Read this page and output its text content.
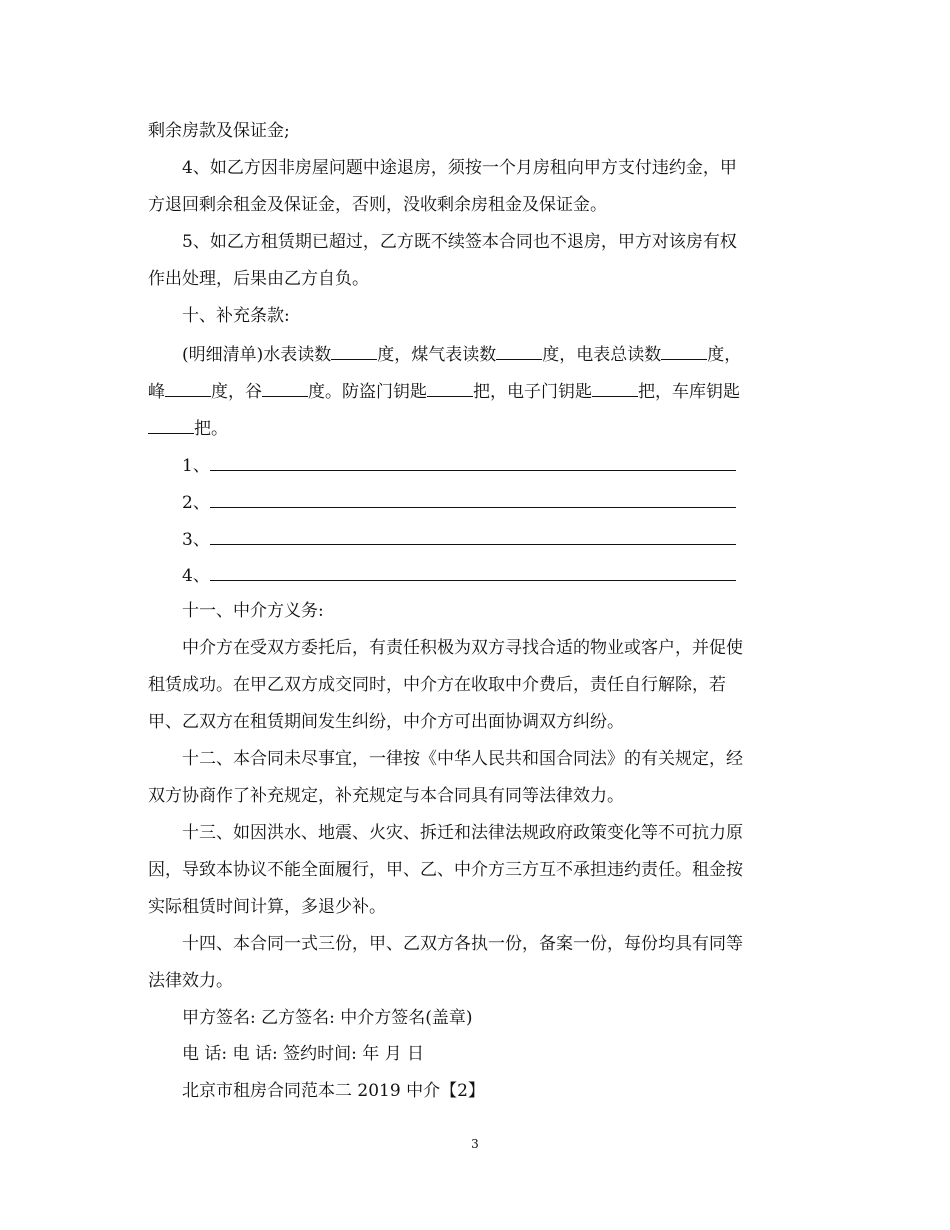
剩余房款及保证金;
4、如乙方因非房屋问题中途退房，须按一个月房租向甲方支付违约金，甲
方退回剩余租金及保证金，否则，没收剩余房租金及保证金。
5、如乙方租赁期已超过，乙方既不续签本合同也不退房，甲方对该房有权
作出处理，后果由乙方自负。
十、补充条款:
(明细清单)水表读数	度，煤气表读数	度，电表总读数	度，
峰	度，谷	度。防盗门钥匙	把，电子门钥匙	把，车库钥匙
把。
1、
2、
3、
4、
十一、中介方义务:
中介方在受双方委托后，有责任积极为双方寻找合适的物业或客户，并促使
租赁成功。在甲乙双方成交同时，中介方在收取中介费后，责任自行解除，若
甲、乙双方在租赁期间发生纠纷，中介方可出面协调双方纠纷。
十二、本合同未尽事宜，一律按《中华人民共和国合同法》的有关规定，经
双方协商作了补充规定，补充规定与本合同具有同等法律效力。
十三、如因洪水、地震、火灾、拆迁和法律法规政府政策变化等不可抗力原
因，导致本协议不能全面履行，甲、乙、中介方三方互不承担违约责任。租金按
实际租赁时间计算，多退少补。
十四、本合同一式三份，甲、乙双方各执一份，备案一份，每份均具有同等
法律效力。
甲方签名: 乙方签名: 中介方签名(盖章)
电 话: 电 话: 签约时间: 年 月 日
北京市租房合同范本二 2019 中介【2】
3
